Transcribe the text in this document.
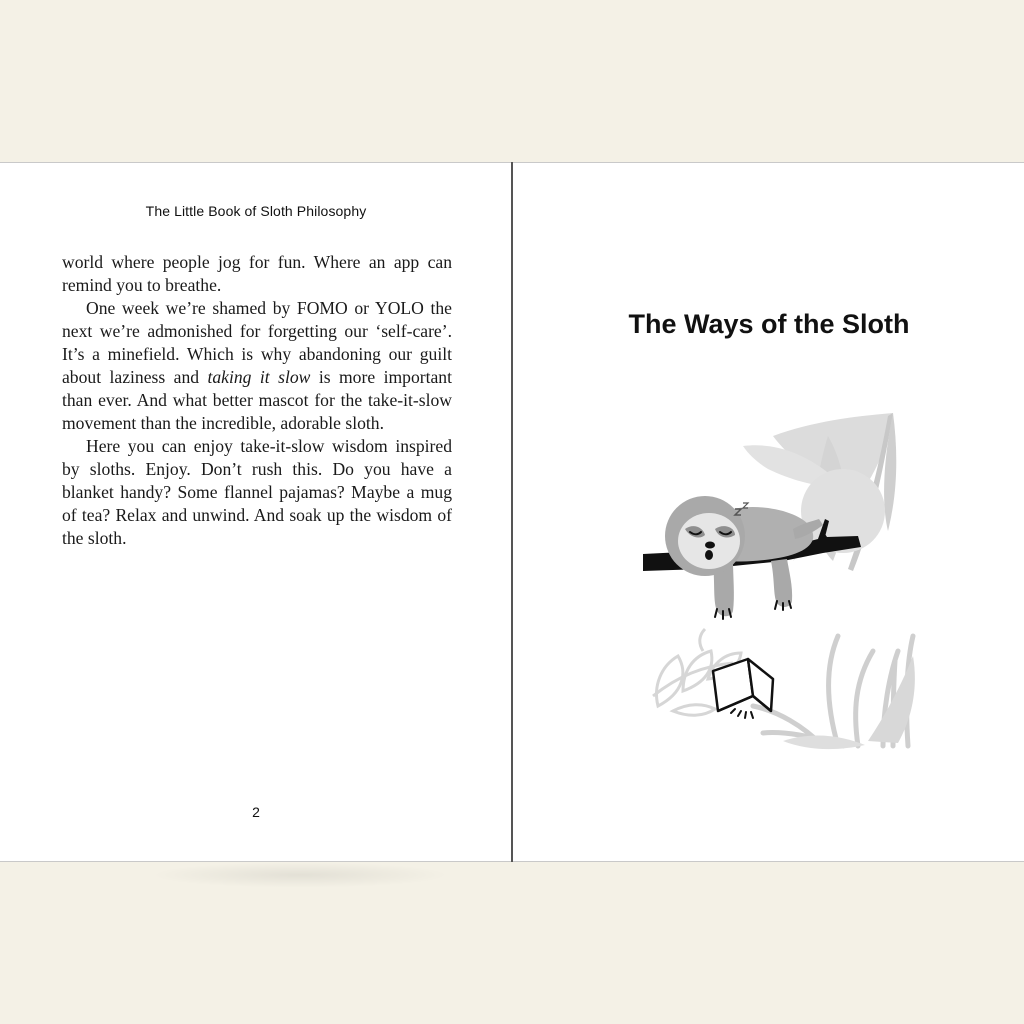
The Little Book of Sloth Philosophy

world where people jog for fun. Where an app can remind you to breathe.

One week we’re shamed by FOMO or YOLO the next we’re admonished for forgetting our ‘self-care’. It’s a minefield. Which is why abandoning our guilt about laziness and taking it slow is more important than ever. And what better mascot for the take-it-slow movement than the incredible, adorable sloth.

Here you can enjoy take-it-slow wisdom inspired by sloths. Enjoy. Don’t rush this. Do you have a blanket handy? Some flannel pajamas? Maybe a mug of tea? Relax and unwind. And soak up the wisdom of the sloth.

2
The Ways of the Sloth
